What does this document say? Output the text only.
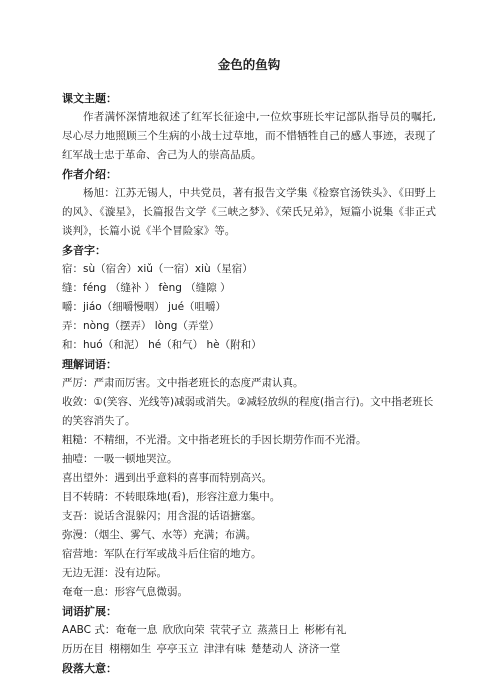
金色的鱼钩
课文主题：
作者满怀深情地叙述了红军长征途中,一位炊事班长牢记部队指导员的嘱托,尽心尽力地照顾三个生病的小战士过草地，而不惜牺牲自己的感人事迹，表现了红军战士忠于革命、舍己为人的崇高品质。
作者介绍：
杨旭：江苏无锡人，中共党员，著有报告文学集《检察官汤铁头》、《田野上的风》、《漩星》，长篇报告文学《三峡之梦》、《荣氏兄弟》，短篇小说集《非正式谈判》，长篇小说《半个冒险家》等。
多音字：
宿：sù（宿舍）xiǔ（一宿）xiù（星宿）
缝：féng （缝补 ） fèng （缝隙 ）
嚼：jiáo（细嚼慢咽） jué（咀嚼）
弄：nòng（摆弄） lòng（弄堂）
和：huó（和泥） hé（和气） hè（附和）
理解词语：
严厉：严肃而厉害。文中指老班长的态度严肃认真。
收敛：①(笑容、光线等)减弱或消失。②减轻放纵的程度(指言行)。文中指老班长的笑容消失了。
粗糙：不精细，不光滑。文中指老班长的手因长期劳作而不光滑。
抽噎：一吸一顿地哭泣。
喜出望外：遇到出乎意料的喜事而特别高兴。
目不转睛：不转眼珠地(看)，形容注意力集中。
支吾：说话含混躲闪；用含混的话语搪塞。
弥漫：（烟尘、雾气、水等）充满；布满。
宿营地：军队在行军或战斗后住宿的地方。
无边无涯：没有边际。
奄奄一息：形容气息微弱。
词语扩展：
AABC 式：奄奄一息 欣欣向荣 茕茕孑立 蒸蒸日上 彬彬有礼
历历在目 栩栩如生 亭亭玉立 津津有味 楚楚动人 济济一堂
段落大意：
